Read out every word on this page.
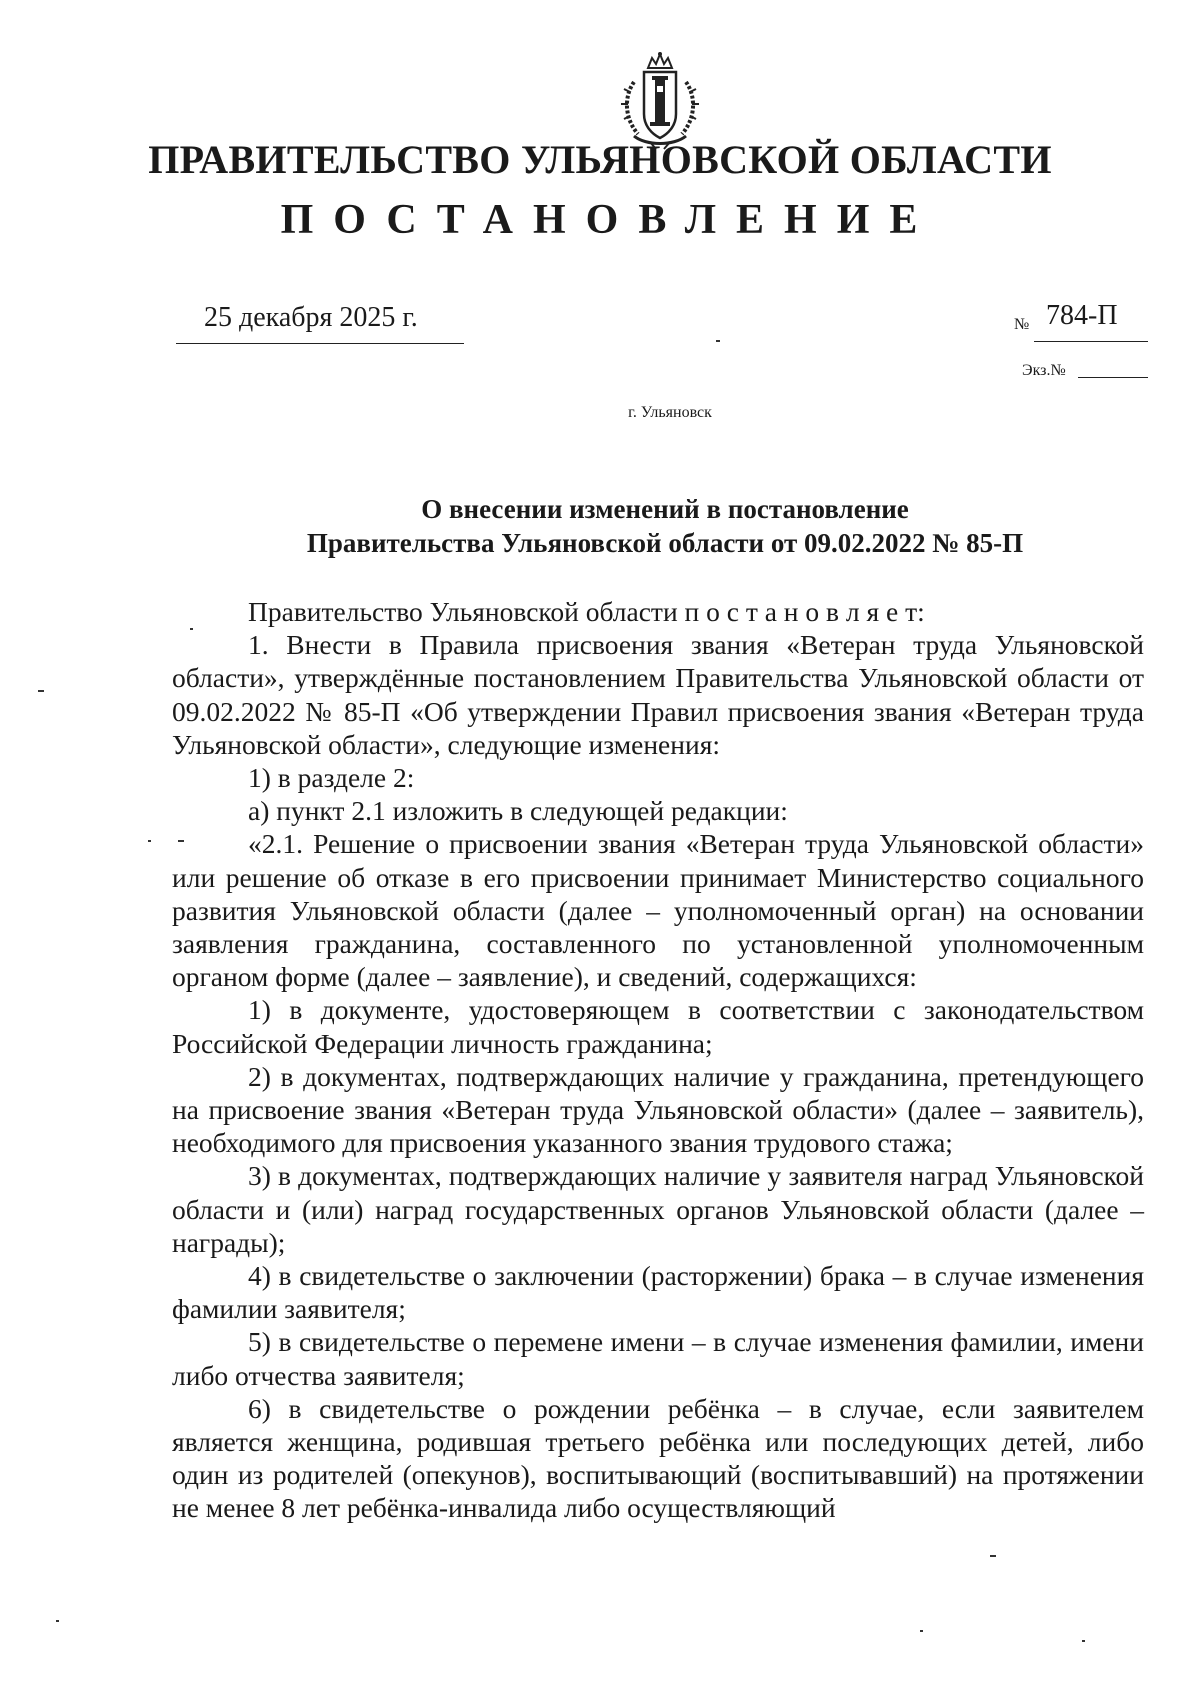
ПРАВИТЕЛЬСТВО УЛЬЯНОВСКОЙ ОБЛАСТИ
ПОСТАНОВЛЕНИЕ
25 декабря 2025 г.	№ 784-П
Экз.№
г. Ульяновск
О внесении изменений в постановление
Правительства Ульяновской области от 09.02.2022 № 85-П

Правительство Ульяновской области п о с т а н о в л я е т:

1. Внести в Правила присвоения звания «Ветеран труда Ульяновской области», утверждённые постановлением Правительства Ульяновской области от 09.02.2022 № 85-П «Об утверждении Правил присвоения звания «Ветеран труда Ульяновской области», следующие изменения:

1) в разделе 2:

а) пункт 2.1 изложить в следующей редакции:

«2.1. Решение о присвоении звания «Ветеран труда Ульяновской области» или решение об отказе в его присвоении принимает Министерство социального развития Ульяновской области (далее – уполномоченный орган) на основании заявления гражданина, составленного по установленной уполномоченным органом форме (далее – заявление), и сведений, содержащихся:

1) в документе, удостоверяющем в соответствии с законодательством Российской Федерации личность гражданина;

2) в документах, подтверждающих наличие у гражданина, претендующего на присвоение звания «Ветеран труда Ульяновской области» (далее – заявитель), необходимого для присвоения указанного звания трудового стажа;

3) в документах, подтверждающих наличие у заявителя наград Ульяновской области и (или) наград государственных органов Ульяновской области (далее – награды);

4) в свидетельстве о заключении (расторжении) брака – в случае изменения фамилии заявителя;

5) в свидетельстве о перемене имени – в случае изменения фамилии, имени либо отчества заявителя;

6) в свидетельстве о рождении ребёнка – в случае, если заявителем является женщина, родившая третьего ребёнка или последующих детей, либо один из родителей (опекунов), воспитывающий (воспитывавший) на протяжении не менее 8 лет ребёнка-инвалида либо осуществляющий
